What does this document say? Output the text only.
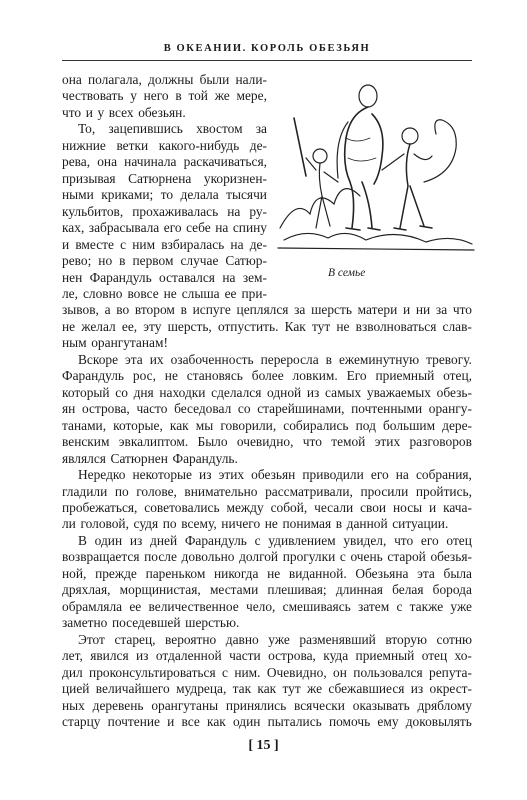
В ОКЕАНИИ. КОРОЛЬ ОБЕЗЬЯН
В семье
она полагала, должны были нали-
чествовать у него в той же мере,
что и у всех обезьян.
То, зацепившись хвостом за
нижние ветки какого-нибудь де-
рева, она начинала раскачиваться,
призывая Сатюрнена укоризнен-
ными криками; то делала тысячи
кульбитов, прохаживалась на ру-
ках, забрасывала его себе на спину
и вместе с ним взбиралась на де-
рево; но в первом случае Сатюр-
нен Фарандуль оставался на зем-
ле, словно вовсе не слыша ее при-
зывов, а во втором в испуге цеплялся за шерсть матери и ни за что
не желал ее, эту шерсть, отпустить. Как тут не взволноваться слав-
ным орангутанам!
Вскоре эта их озабоченность переросла в ежеминутную тревогу.
Фарандуль рос, не становясь более ловким. Его приемный отец,
который со дня находки сделался одной из самых уважаемых обезь-
ян острова, часто беседовал со старейшинами, почтенными орангу-
танами, которые, как мы говорили, собирались под большим дере-
венским эвкалиптом. Было очевидно, что темой этих разговоров
являлся Сатюрнен Фарандуль.
Нередко некоторые из этих обезьян приводили его на собрания,
гладили по голове, внимательно рассматривали, просили пройтись,
пробежаться, советовались между собой, чесали свои носы и кача-
ли головой, судя по всему, ничего не понимая в данной ситуации.
В один из дней Фарандуль с удивлением увидел, что его отец
возвращается после довольно долгой прогулки с очень старой обезья-
ной, прежде пареньком никогда не виданной. Обезьяна эта была
дряхлая, морщинистая, местами плешивая; длинная белая борода
обрамляла ее величественное чело, смешиваясь затем с также уже
заметно поседевшей шерстью.
Этот старец, вероятно давно уже разменявший вторую сотню
лет, явился из отдаленной части острова, куда приемный отец хо-
дил проконсультироваться с ним. Очевидно, он пользовался репута-
цией величайшего мудреца, так как тут же сбежавшиеся из окрест-
ных деревень орангутаны принялись всячески оказывать дряблому
старцу почтение и все как один пытались помочь ему доковылять
[ 15 ]
